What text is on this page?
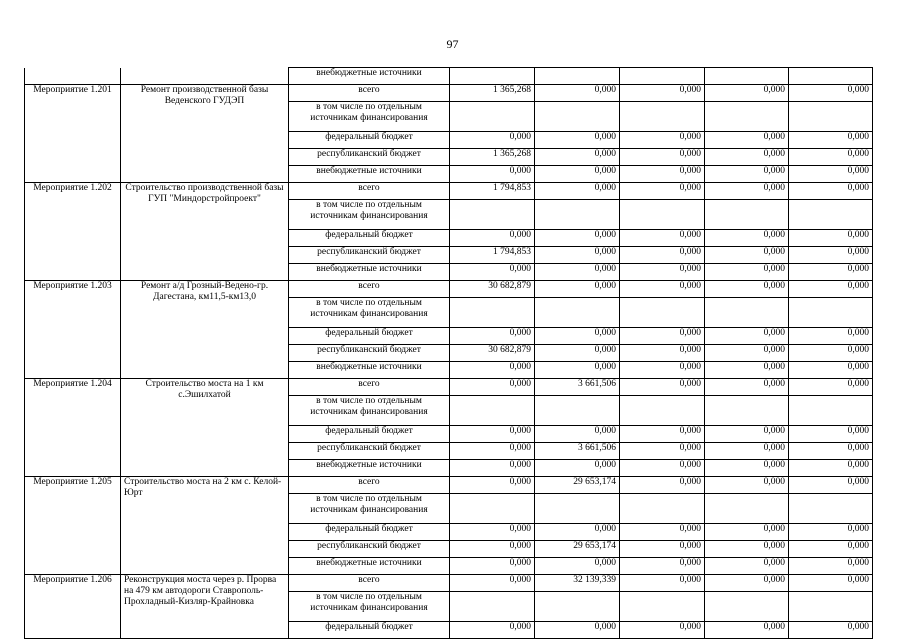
97
		внебюджетные источники					
Мероприятие 1.201	Ремонт производственной базы Веденского ГУДЭП	всего	1 365,268	0,000	0,000	0,000	0,000
		в том числе по отдельным источникам финансирования					
		федеральный бюджет	0,000	0,000	0,000	0,000	0,000
		республиканский бюджет	1 365,268	0,000	0,000	0,000	0,000
		внебюджетные источники	0,000	0,000	0,000	0,000	0,000
Мероприятие 1.202	Строительство производственной базы ГУП "Миндорстройпроект"	всего	1 794,853	0,000	0,000	0,000	0,000
		в том числе по отдельным источникам финансирования					
		федеральный бюджет	0,000	0,000	0,000	0,000	0,000
		республиканский бюджет	1 794,853	0,000	0,000	0,000	0,000
		внебюджетные источники	0,000	0,000	0,000	0,000	0,000
Мероприятие 1.203	Ремонт а/д Грозный-Ведено-гр. Дагестана, км11,5-км13,0	всего	30 682,879	0,000	0,000	0,000	0,000
		в том числе по отдельным источникам финансирования					
		федеральный бюджет	0,000	0,000	0,000	0,000	0,000
		республиканский бюджет	30 682,879	0,000	0,000	0,000	0,000
		внебюджетные источники	0,000	0,000	0,000	0,000	0,000
Мероприятие 1.204	Строительство моста на 1 км с.Эшилхатой	всего	0,000	3 661,506	0,000	0,000	0,000
		в том числе по отдельным источникам финансирования					
		федеральный бюджет	0,000	0,000	0,000	0,000	0,000
		республиканский бюджет	0,000	3 661,506	0,000	0,000	0,000
		внебюджетные источники	0,000	0,000	0,000	0,000	0,000
Мероприятие 1.205	Строительство моста на 2 км с. Келой-Юрт	всего	0,000	29 653,174	0,000	0,000	0,000
		в том числе по отдельным источникам финансирования					
		федеральный бюджет	0,000	0,000	0,000	0,000	0,000
		республиканский бюджет	0,000	29 653,174	0,000	0,000	0,000
		внебюджетные источники	0,000	0,000	0,000	0,000	0,000
Мероприятие 1.206	Реконструкция моста через р. Прорва на 479 км автодороги Ставрополь-Прохладный-Кизляр-Крайновка	всего	0,000	32 139,339	0,000	0,000	0,000
		в том числе по отдельным источникам финансирования					
		федеральный бюджет	0,000	0,000	0,000	0,000	0,000
